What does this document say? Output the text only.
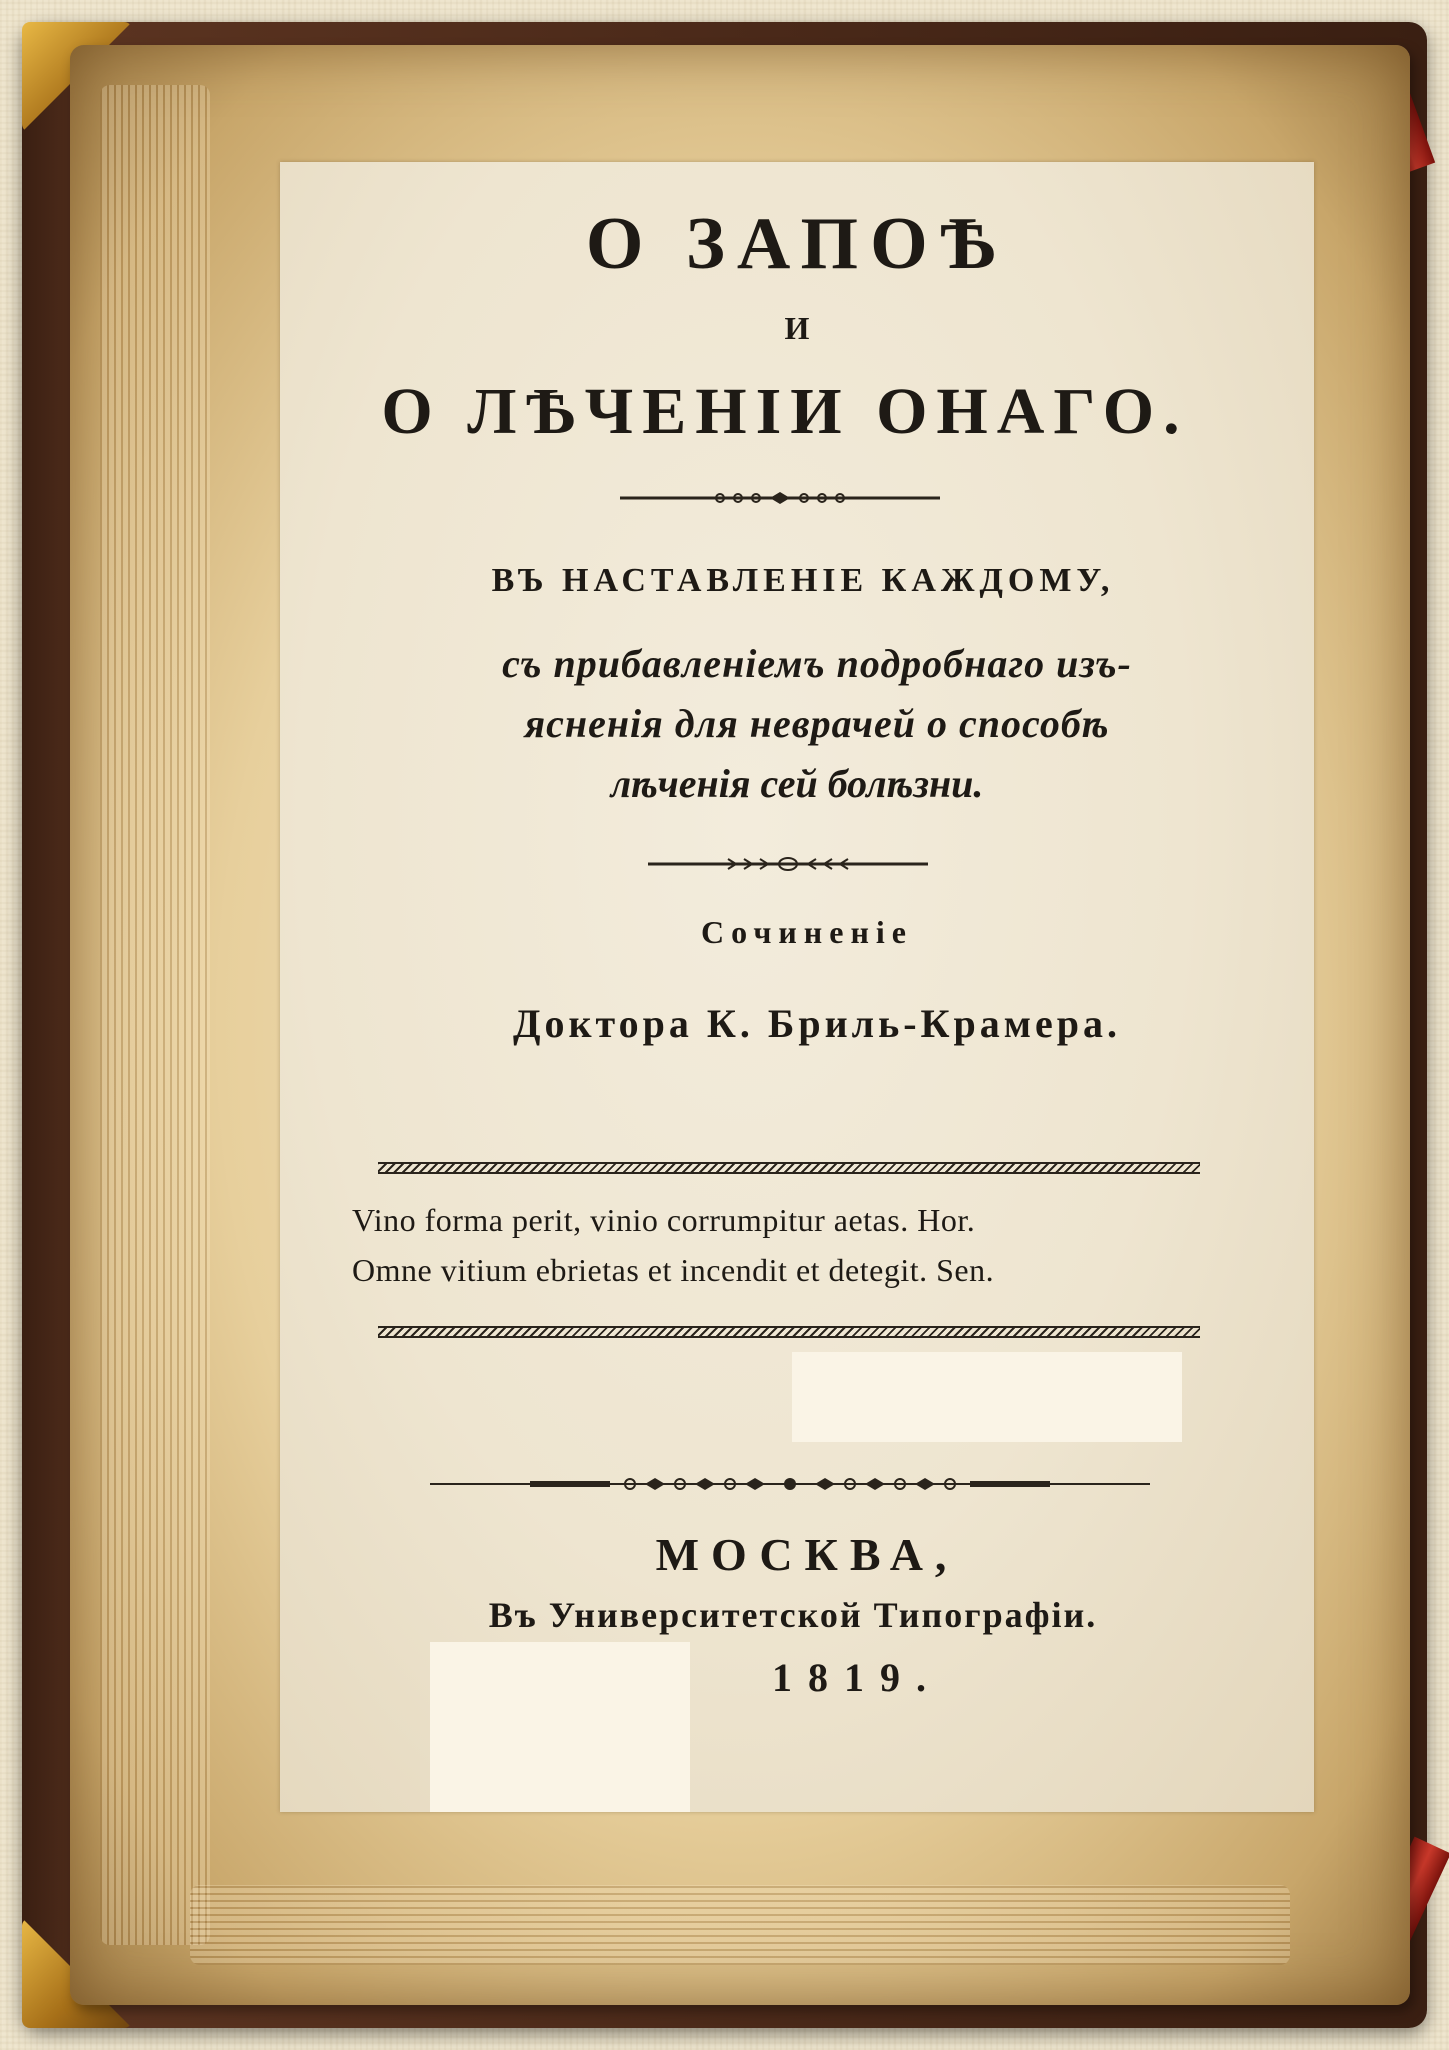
О ЗАПОѢ
И
О ЛѢЧЕНІИ ОНАГО.
ВЪ НАСТАВЛЕНІЕ КАЖДОМУ,
съ прибавленіемъ подробнаго изъ-
ясненія для неврачей о способѣ
лѣченія сей болѣзни.
Сочиненіе
Доктора К. Бриль-Крамера.
Vino forma perit, vinio corrumpitur aetas. Hor.
Omne vitium ebrietas et incendit et detegit. Sen.
МОСКВА,
Въ Университетской Типографіи.
1819.
